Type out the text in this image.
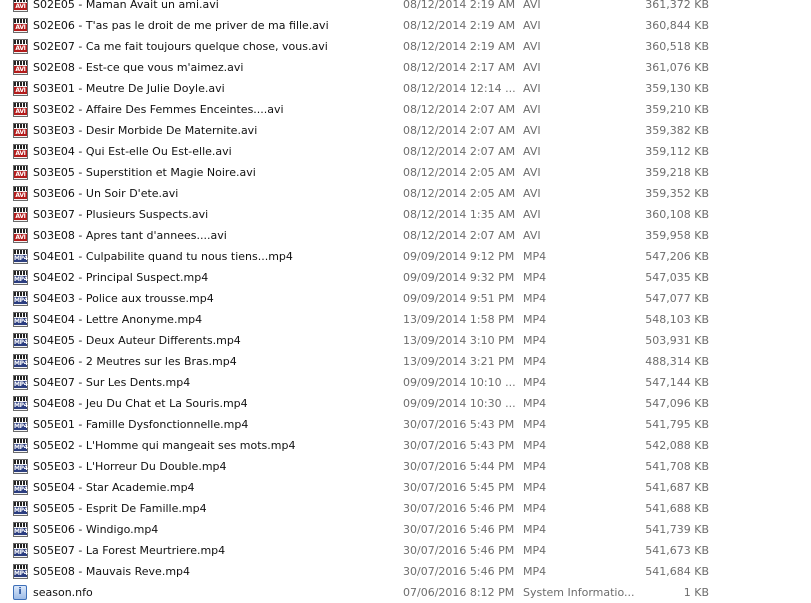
AVI S02E05 - Maman Avait un ami.avi	08/12/2014 2:19 AM AVI	361,372 KB
AVI S02E06 - T'as pas le droit de me priver de ma fille.avi	08/12/2014 2:19 AM AVI	360,844 KB
AVI S02E07 - Ca me fait toujours quelque chose, vous.avi	08/12/2014 2:19 AM AVI	360,518 KB
AVI S02E08 - Est-ce que vous m'aimez.avi	08/12/2014 2:17 AM AVI	361,076 KB
AVI S03E01 - Meutre De Julie Doyle.avi	08/12/2014 12:14 ... AVI	359,130 KB
AVI S03E02 - Affaire Des Femmes Enceintes....avi	08/12/2014 2:07 AM AVI	359,210 KB
AVI S03E03 - Desir Morbide De Maternite.avi	08/12/2014 2:07 AM AVI	359,382 KB
AVI S03E04 - Qui Est-elle Ou Est-elle.avi	08/12/2014 2:07 AM AVI	359,112 KB
AVI S03E05 - Superstition et Magie Noire.avi	08/12/2014 2:05 AM AVI	359,218 KB
AVI S03E06 - Un Soir D'ete.avi	08/12/2014 2:05 AM AVI	359,352 KB
AVI S03E07 - Plusieurs Suspects.avi	08/12/2014 1:35 AM AVI	360,108 KB
AVI S03E08 - Apres tant d'annees....avi	08/12/2014 2:07 AM AVI	359,958 KB
MP4 S04E01 - Culpabilite quand tu nous tiens...mp4	09/09/2014 9:12 PM MP4	547,206 KB
MP4 S04E02 - Principal Suspect.mp4	09/09/2014 9:32 PM MP4	547,035 KB
MP4 S04E03 - Police aux trousse.mp4	09/09/2014 9:51 PM MP4	547,077 KB
MP4 S04E04 - Lettre Anonyme.mp4	13/09/2014 1:58 PM MP4	548,103 KB
MP4 S04E05 - Deux Auteur Differents.mp4	13/09/2014 3:10 PM MP4	503,931 KB
MP4 S04E06 - 2 Meutres sur les Bras.mp4	13/09/2014 3:21 PM MP4	488,314 KB
MP4 S04E07 - Sur Les Dents.mp4	09/09/2014 10:10 ... MP4	547,144 KB
MP4 S04E08 - Jeu Du Chat et La Souris.mp4	09/09/2014 10:30 ... MP4	547,096 KB
MP4 S05E01 - Famille Dysfonctionnelle.mp4	30/07/2016 5:43 PM MP4	541,795 KB
MP4 S05E02 - L'Homme qui mangeait ses mots.mp4	30/07/2016 5:43 PM MP4	542,088 KB
MP4 S05E03 - L'Horreur Du Double.mp4	30/07/2016 5:44 PM MP4	541,708 KB
MP4 S05E04 - Star Academie.mp4	30/07/2016 5:45 PM MP4	541,687 KB
MP4 S05E05 - Esprit De Famille.mp4	30/07/2016 5:46 PM MP4	541,688 KB
MP4 S05E06 - Windigo.mp4	30/07/2016 5:46 PM MP4	541,739 KB
MP4 S05E07 - La Forest Meurtriere.mp4	30/07/2016 5:46 PM MP4	541,673 KB
MP4 S05E08 - Mauvais Reve.mp4	30/07/2016 5:46 PM MP4	541,684 KB
i	season.nfo	07/06/2016 8:12 PM System Informatio...	1 KB
